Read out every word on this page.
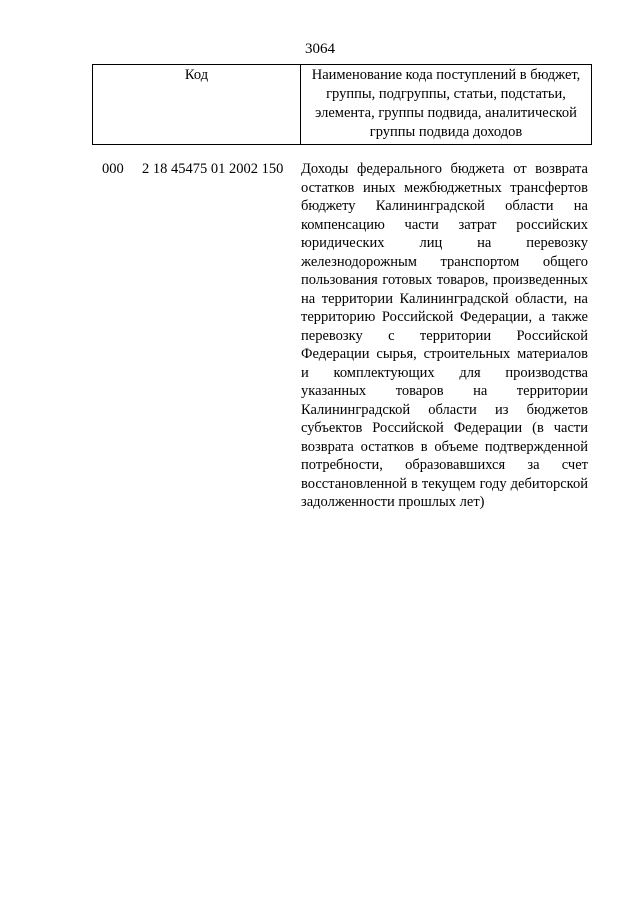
3064
Код	Наименование кода поступлений в бюджет, группы, подгруппы, статьи, подстатьи, элемента, группы подвида, аналитической группы подвида доходов
000 2 18 45475 01 2002 150 Доходы федерального бюджета от возврата остатков иных межбюджетных трансфертов бюджету Калининградской области на компенсацию части затрат российских юридических лиц на перевозку железнодорожным транспортом общего пользования готовых товаров, произведенных на территории Калининградской области, на территорию Российской Федерации, а также перевозку с территории Российской Федерации сырья, строительных материалов и комплектующих для производства указанных товаров на территории Калининградской области из бюджетов субъектов Российской Федерации (в части возврата остатков в объеме подтвержденной потребности, образовавшихся за счет восстановленной в текущем году дебиторской задолженности прошлых лет)
